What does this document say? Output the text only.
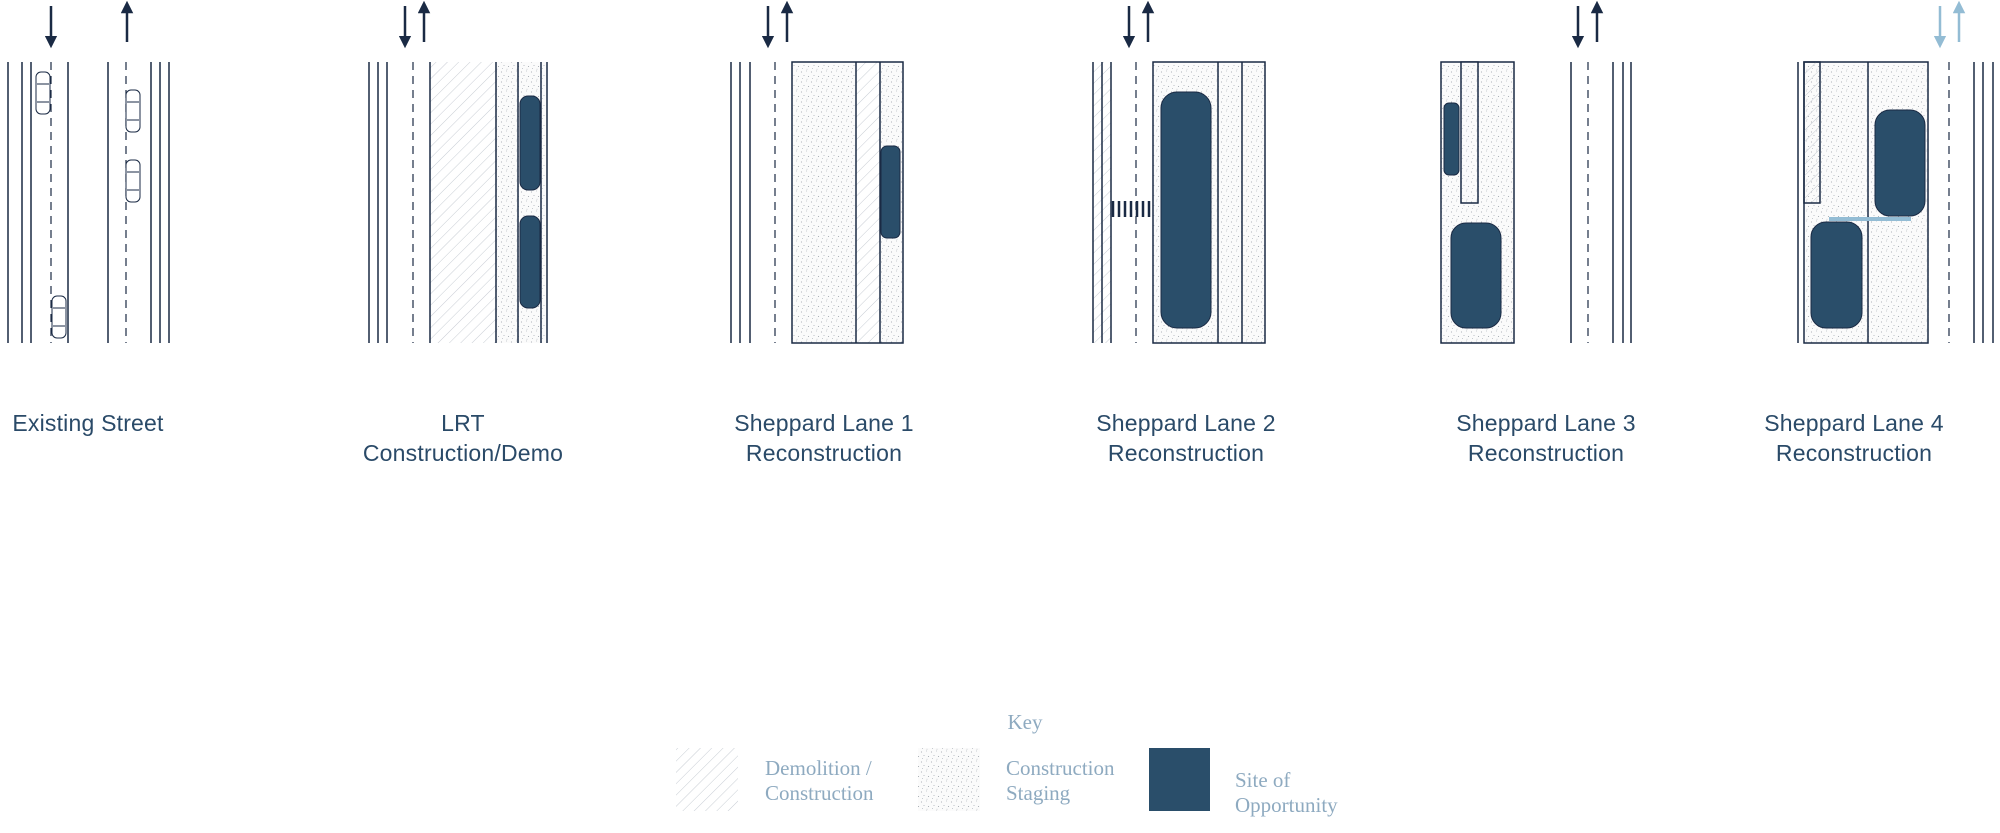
Existing Street	LRT
Construction/Demo
Sheppard Lane 1
Reconstruction
Sheppard Lane 2
Reconstruction
Sheppard Lane 3
Reconstruction
Sheppard Lane 4
Reconstruction
Key
Demolition /
Construction
Construction
Staging
Site of
Opportunity
